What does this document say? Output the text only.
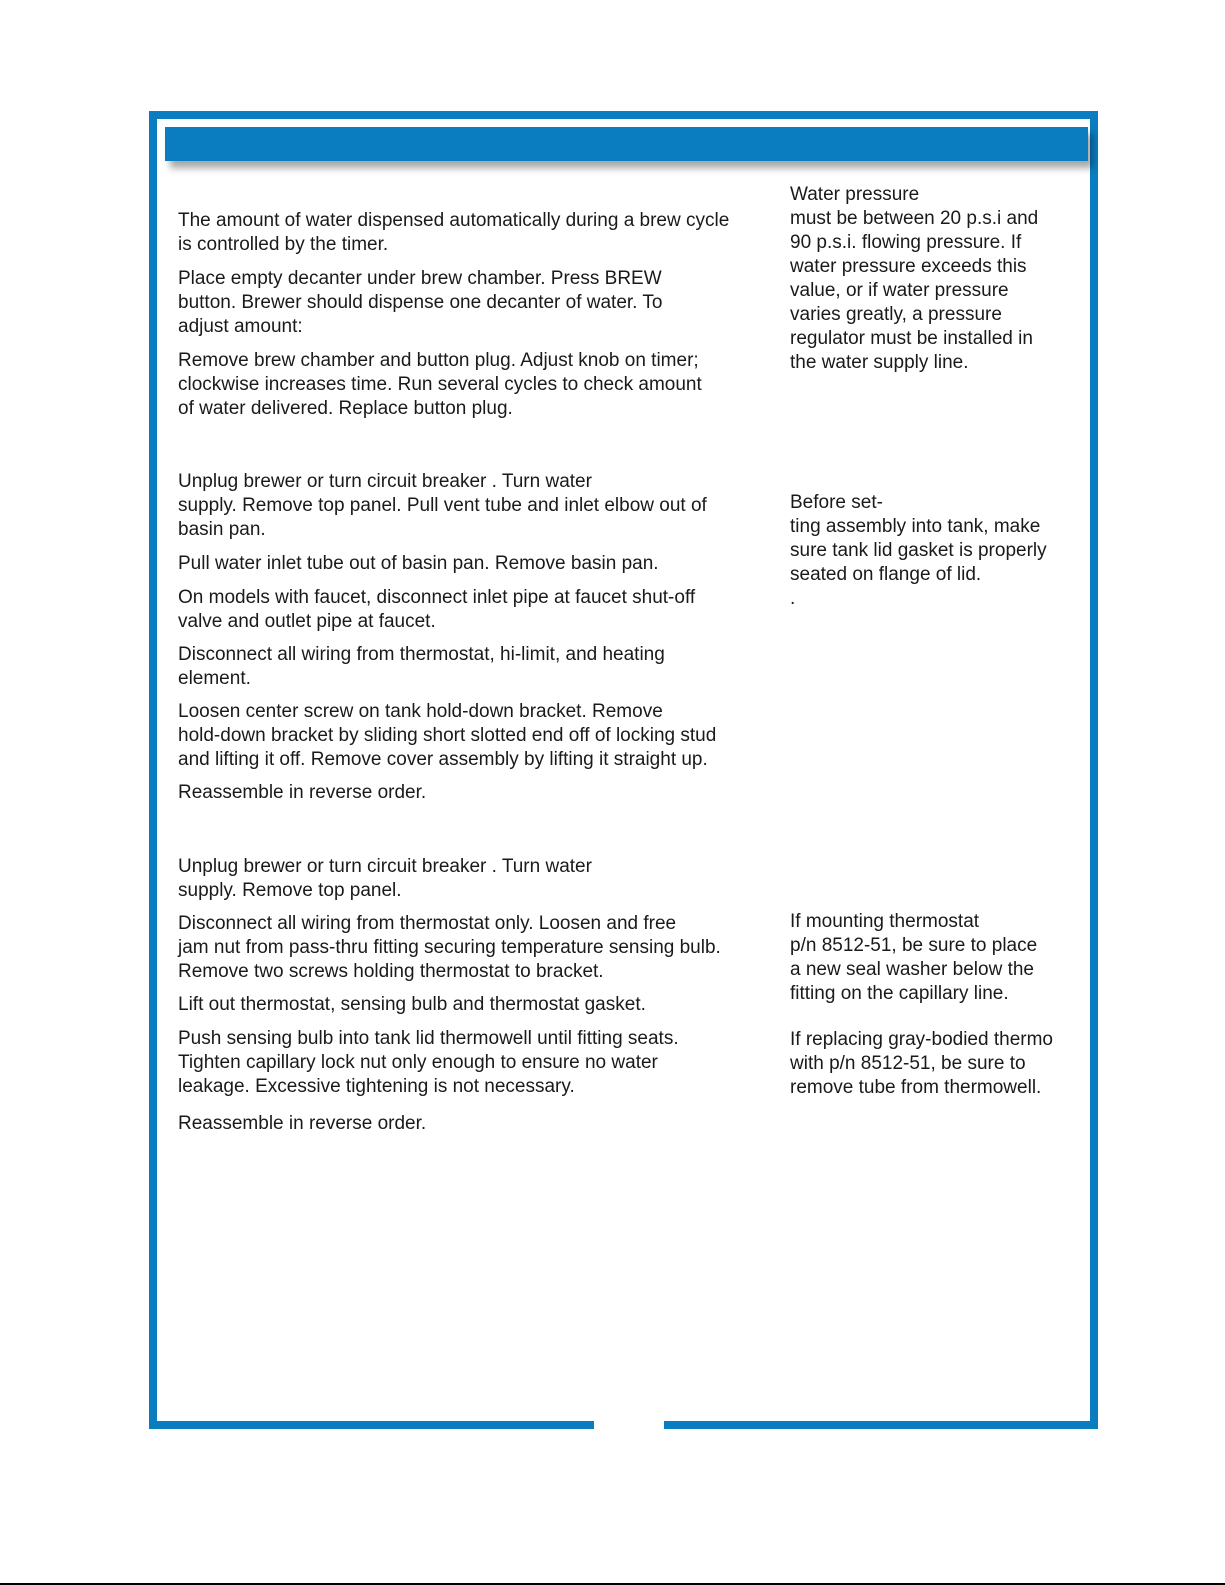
The amount of water dispensed automatically during a brew cycle
is controlled by the timer.

Place empty decanter under brew chamber. Press BREW
button. Brewer should dispense one decanter of water. To
adjust amount:

Remove brew chamber and button plug. Adjust knob on timer;
clockwise increases time. Run several cycles to check amount
of water delivered. Replace button plug.

Unplug brewer or turn circuit breaker . Turn water
supply. Remove top panel. Pull vent tube and inlet elbow out of
basin pan.

Pull water inlet tube out of basin pan. Remove basin pan.

On models with faucet, disconnect inlet pipe at faucet shut-off
valve and outlet pipe at faucet.

Disconnect all wiring from thermostat, hi-limit, and heating
element.

Loosen center screw on tank hold-down bracket. Remove
hold-down bracket by sliding short slotted end off of locking stud
and lifting it off. Remove cover assembly by lifting it straight up.

Reassemble in reverse order.

Unplug brewer or turn circuit breaker . Turn water
supply. Remove top panel.

Disconnect all wiring from thermostat only. Loosen and free
jam nut from pass-thru fitting securing temperature sensing bulb.
Remove two screws holding thermostat to bracket.

Lift out thermostat, sensing bulb and thermostat gasket.

Push sensing bulb into tank lid thermowell until fitting seats.
Tighten capillary lock nut only enough to ensure no water
leakage. Excessive tightening is not necessary.

Reassemble in reverse order.

Water pressure
must be between 20 p.s.i and
90 p.s.i. flowing pressure. If
water pressure exceeds this
value, or if water pressure
varies greatly, a pressure
regulator must be installed in
the water supply line.

Before set-
ting assembly into tank, make
sure tank lid gasket is properly
seated on flange of lid.
.

If mounting thermostat
p/n 8512-51, be sure to place
a new seal washer below the
fitting on the capillary line.

If replacing gray-bodied thermo
with p/n 8512-51, be sure to
remove tube from thermowell.
